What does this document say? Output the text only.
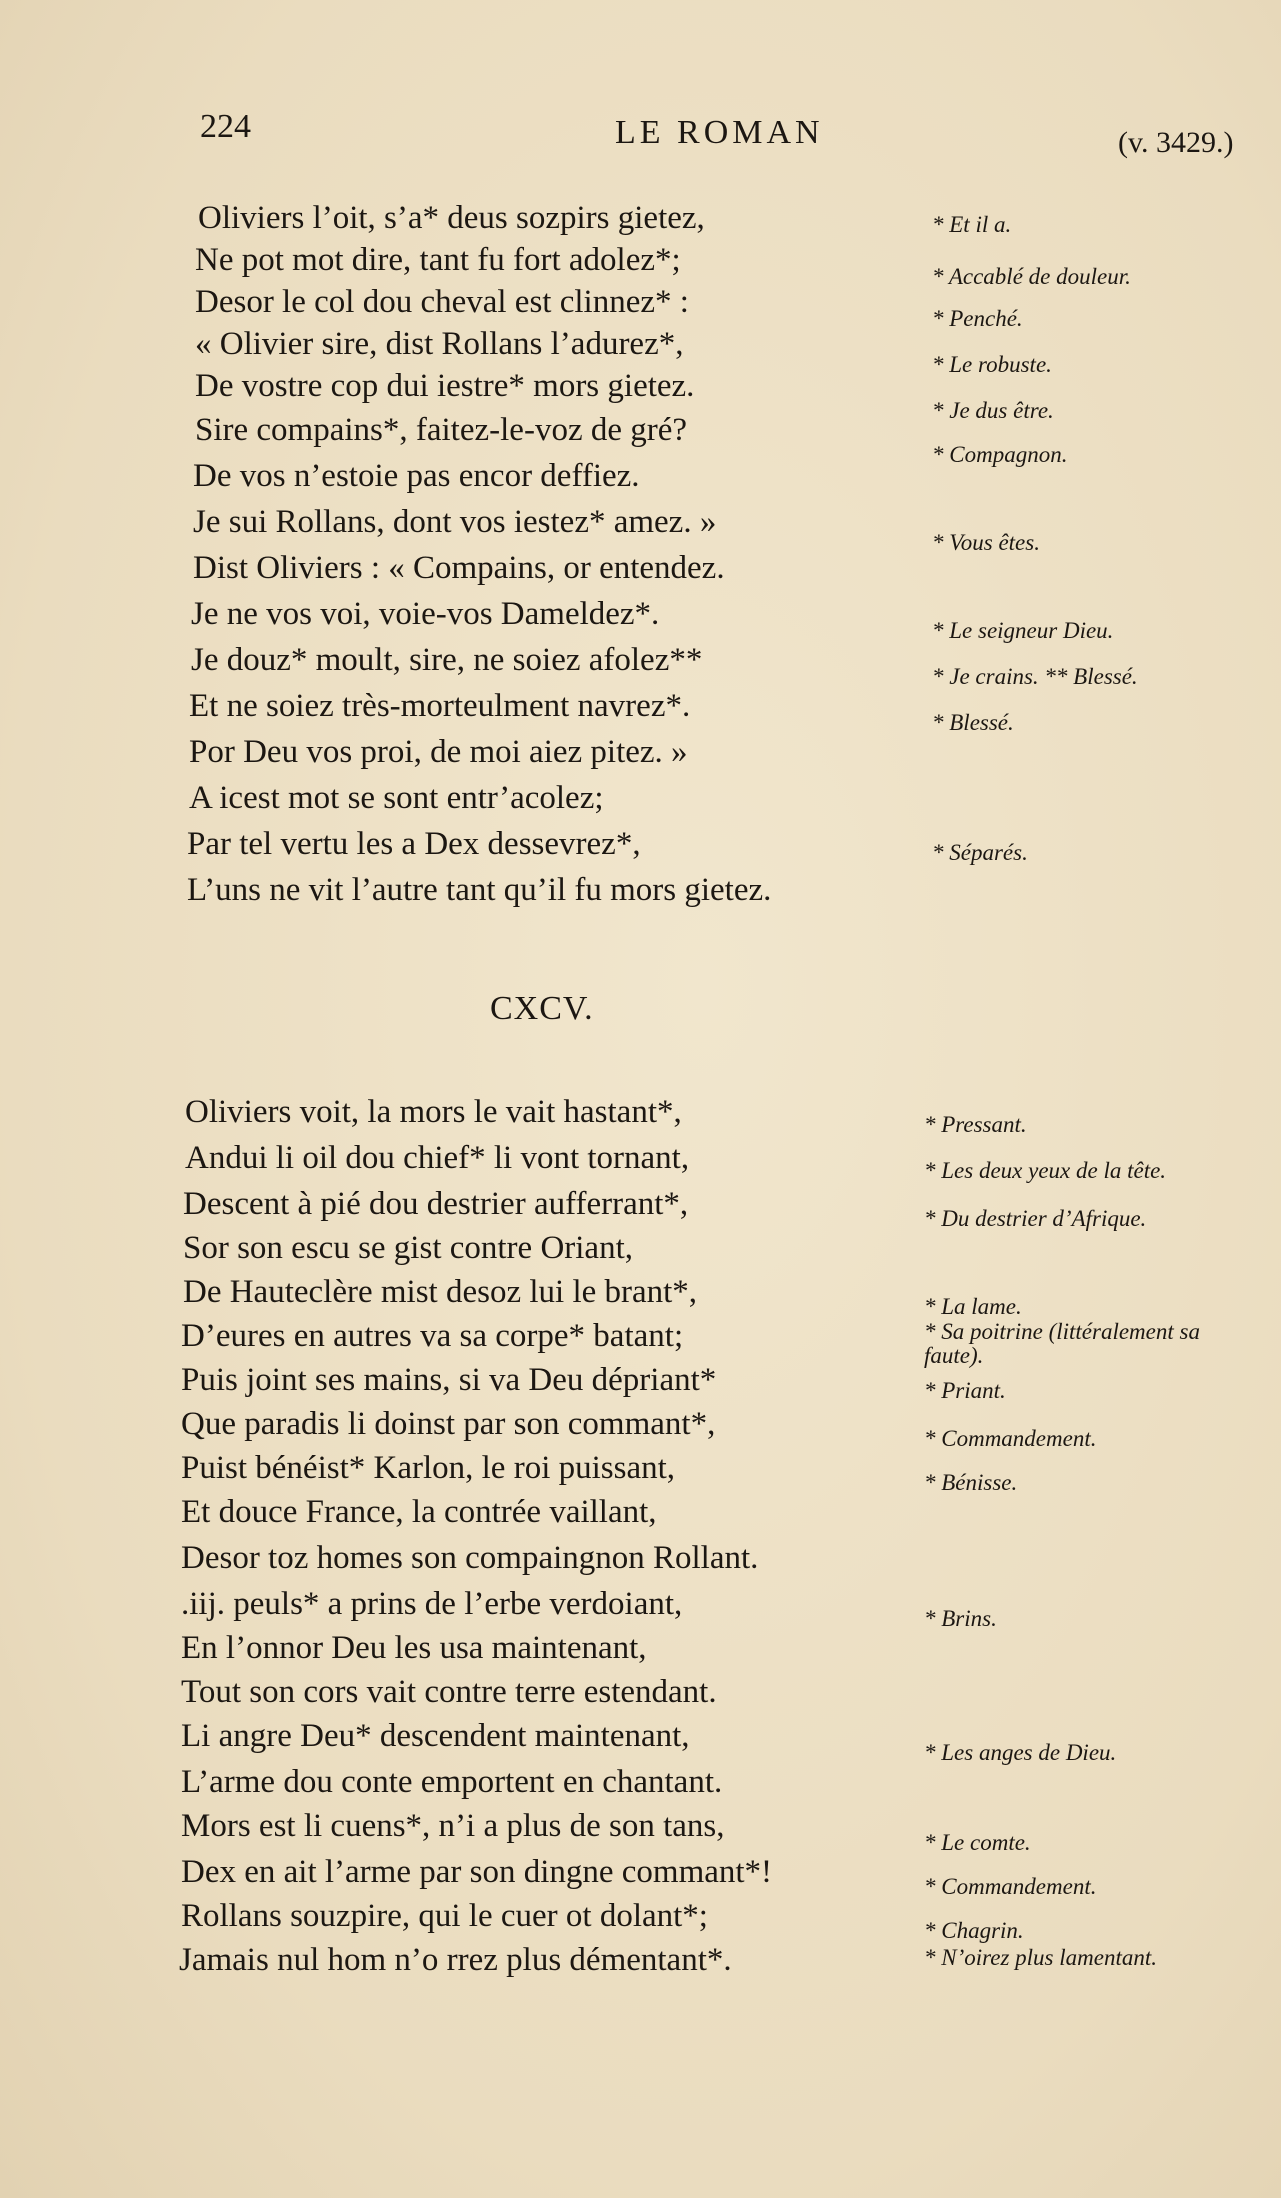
224	LE ROMAN	(v. 3429.)
Oliviers l’oit, s’a* deus sozpirs gietez,
Ne pot mot dire, tant fu fort adolez*;
Desor le col dou cheval est clinnez* :
« Olivier sire, dist Rollans l’adurez*,
De vostre cop dui iestre* mors gietez.
Sire compains*, faitez-le-voz de gré?
De vos n’estoie pas encor deffiez.
Je sui Rollans, dont vos iestez* amez. »
Dist Oliviers : « Compains, or entendez.
Je ne vos voi, voie-vos Dameldez*.
Je douz* moult, sire, ne soiez afolez**
Et ne soiez très-morteulment navrez*.
Por Deu vos proi, de moi aiez pitez. »
A icest mot se sont entr’acolez;
Par tel vertu les a Dex dessevrez*,
L’uns ne vit l’autre tant qu’il fu mors gietez.
* Et il a.
* Accablé de douleur.
* Penché.
* Le robuste.
* Je dus être.
* Compagnon.
* Vous êtes.
* Le seigneur Dieu.
* Je crains. ** Blessé.
* Blessé.
* Séparés.
CXCV.
Oliviers voit, la mors le vait hastant*,
Andui li oil dou chief* li vont tornant,
Descent à pié dou destrier aufferrant*,
Sor son escu se gist contre Oriant,
De Hauteclère mist desoz lui le brant*,
D’eures en autres va sa corpe* batant;
Puis joint ses mains, si va Deu dépriant*
Que paradis li doinst par son commant*,
Puist bénéist* Karlon, le roi puissant,
Et douce France, la contrée vaillant,
Desor toz homes son compaingnon Rollant.
.iij. peuls* a prins de l’erbe verdoiant,
En l’onnor Deu les usa maintenant,
Tout son cors vait contre terre estendant.
Li angre Deu* descendent maintenant,
L’arme dou conte emportent en chantant.
Mors est li cuens*, n’i a plus de son tans,
Dex en ait l’arme par son dingne commant*!
Rollans souzpire, qui le cuer ot dolant*;
Jamais nul hom n’o rrez plus démentant*.
* Pressant.
* Les deux yeux de la tête.
* Du destrier d’Afrique.
* La lame.
* Sa poitrine (littéralement sa faute).
* Priant.
* Commandement.
* Bénisse.
* Brins.
* Les anges de Dieu.
* Le comte.
* Commandement.
* Chagrin.
* N’oirez plus lamentant.
